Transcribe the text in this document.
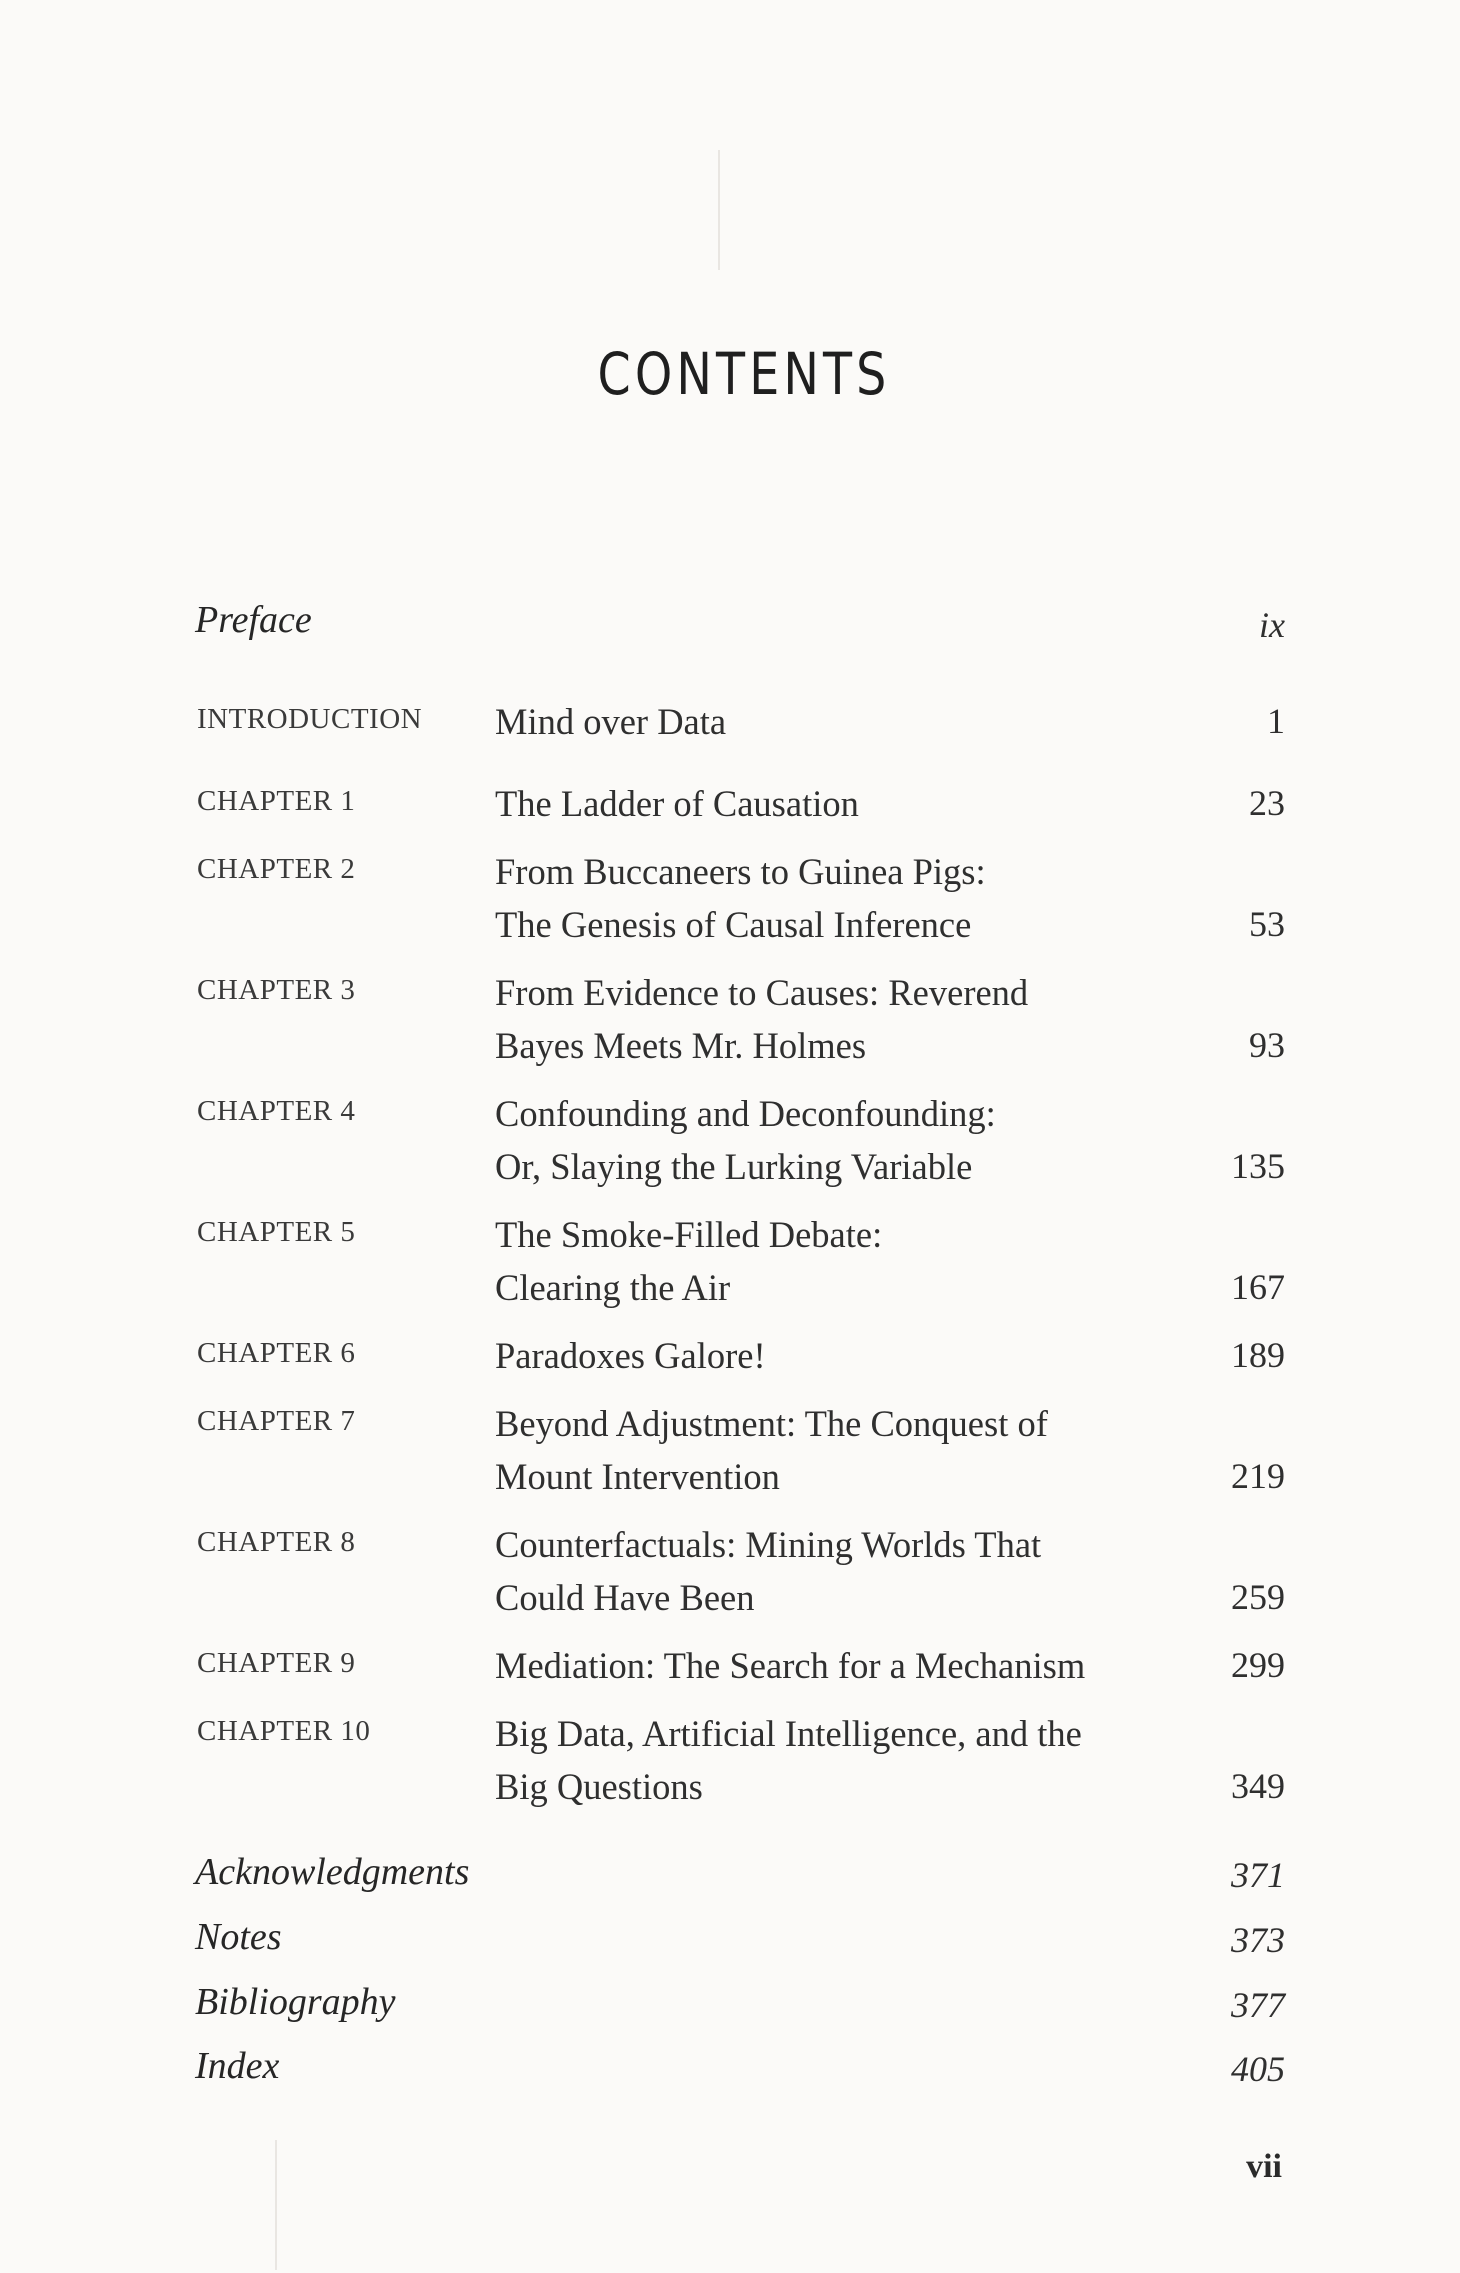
CONTENTS
Preface	ix
INTRODUCTION Mind over Data	1
CHAPTER 1	The Ladder of Causation	23
CHAPTER 2	From Buccaneers to Guinea Pigs:
The Genesis of Causal Inference	53
CHAPTER 3	From Evidence to Causes: Reverend
Bayes Meets Mr. Holmes	93
CHAPTER 4	Confounding and Deconfounding:
Or, Slaying the Lurking Variable	135
CHAPTER 5	The Smoke-Filled Debate:
Clearing the Air	167
CHAPTER 6	Paradoxes Galore!	189
CHAPTER 7	Beyond Adjustment: The Conquest of
Mount Intervention	219
CHAPTER 8	Counterfactuals: Mining Worlds That
Could Have Been	259
CHAPTER 9	Mediation: The Search for a Mechanism	299
CHAPTER 10	Big Data, Artificial Intelligence, and the
Big Questions	349
Acknowledgments	371
Notes	373
Bibliography	377
Index	405
vii
